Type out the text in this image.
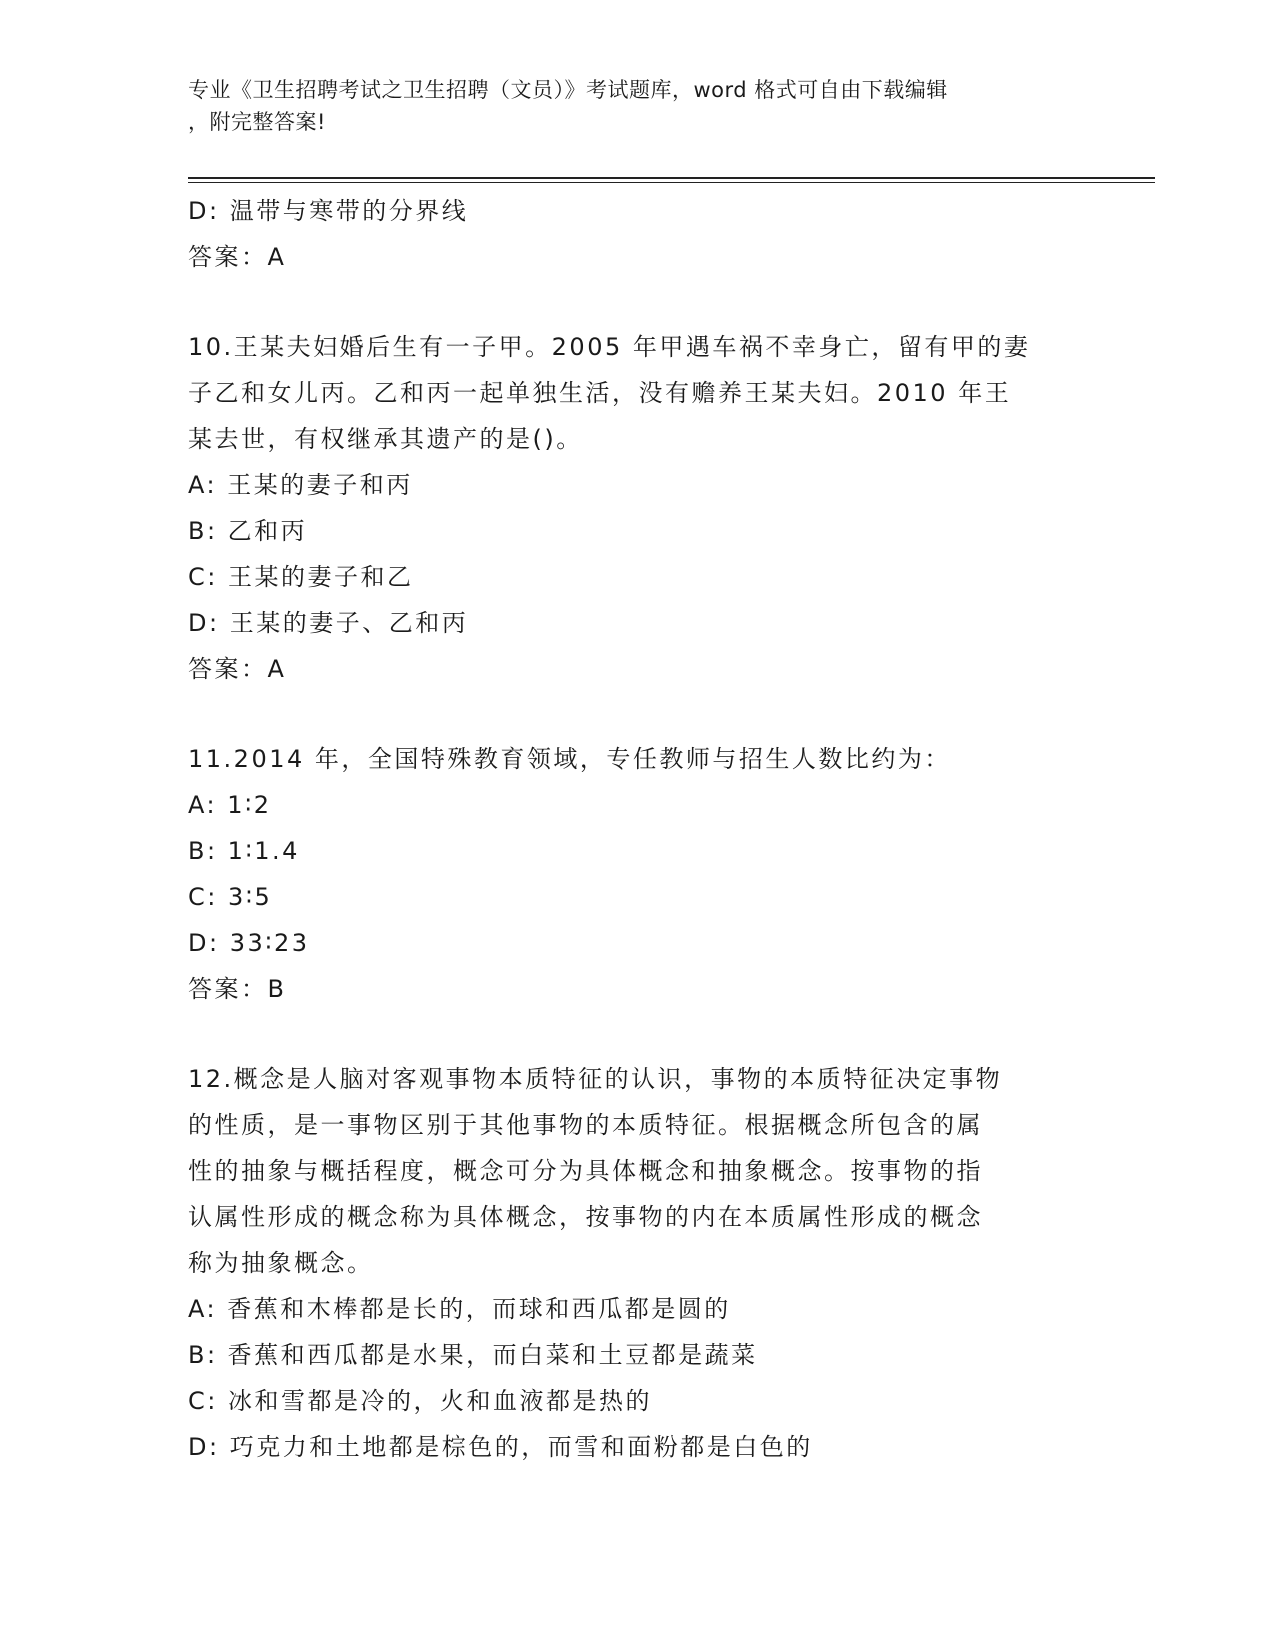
专业《卫生招聘考试之卫生招聘（文员）》考试题库，word 格式可自由下载编辑
，附完整答案!
D: 温带与寒带的分界线
答案：A
10.王某夫妇婚后生有一子甲。2005 年甲遇车祸不幸身亡，留有甲的妻
子乙和女儿丙。乙和丙一起单独生活，没有赡养王某夫妇。2010 年王
某去世，有权继承其遗产的是()。
A: 王某的妻子和丙
B: 乙和丙
C: 王某的妻子和乙
D: 王某的妻子、乙和丙
答案：A
11.2014 年，全国特殊教育领域，专任教师与招生人数比约为：
A: 1∶2
B: 1∶1.4
C: 3∶5
D: 33∶23
答案：B
12.概念是人脑对客观事物本质特征的认识，事物的本质特征决定事物
的性质，是一事物区别于其他事物的本质特征。根据概念所包含的属
性的抽象与概括程度，概念可分为具体概念和抽象概念。按事物的指
认属性形成的概念称为具体概念，按事物的内在本质属性形成的概念
称为抽象概念。
A: 香蕉和木棒都是长的，而球和西瓜都是圆的
B: 香蕉和西瓜都是水果，而白菜和土豆都是蔬菜
C: 冰和雪都是冷的，火和血液都是热的
D: 巧克力和土地都是棕色的，而雪和面粉都是白色的
